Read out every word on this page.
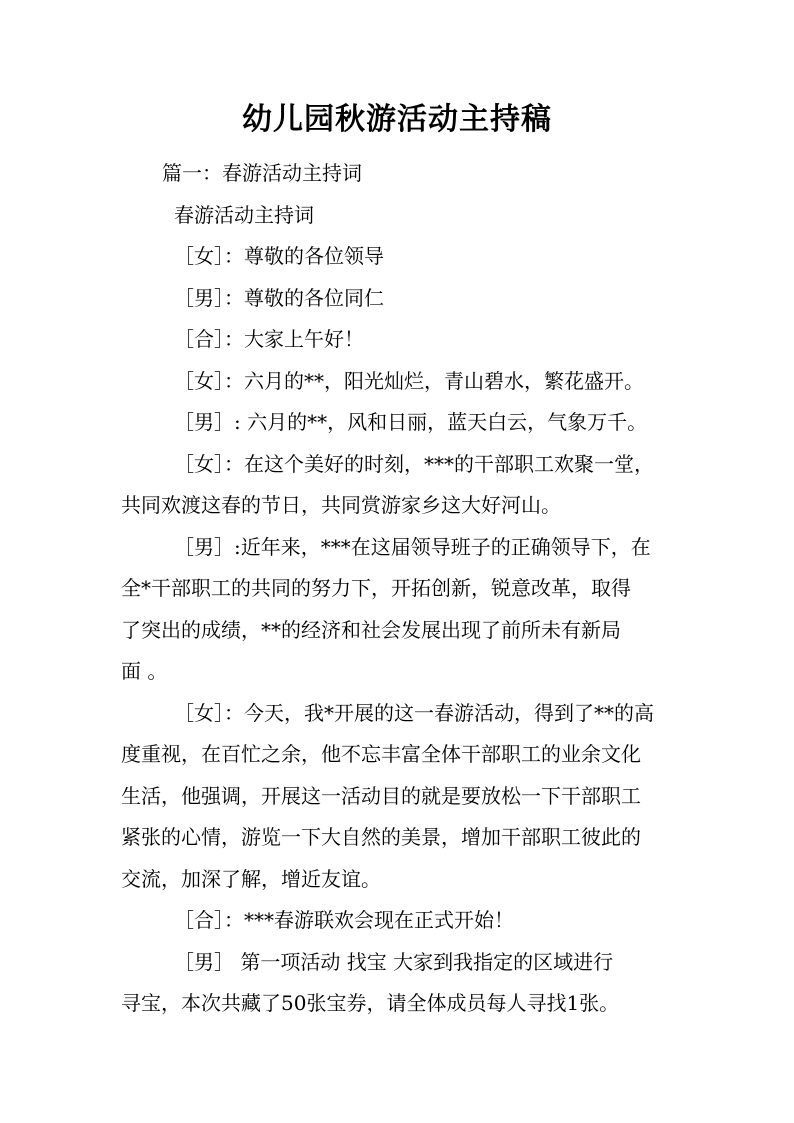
幼儿园秋游活动主持稿
篇一：春游活动主持词
春游活动主持词
［女］：尊敬的各位领导
［男］：尊敬的各位同仁
［合］：大家上午好！
［女］：六月的**，阳光灿烂，青山碧水，繁花盛开。
［男］: 六月的**，风和日丽，蓝天白云，气象万千。
［女］：在这个美好的时刻，***的干部职工欢聚一堂，
共同欢渡这春的节日，共同赏游家乡这大好河山。
［男］:近年来，***在这届领导班子的正确领导下，在
全*干部职工的共同的努力下，开拓创新，锐意改革，取得
了突出的成绩，**的经济和社会发展出现了前所未有新局
面 。
［女］：今天，我*开展的这一春游活动，得到了**的高
度重视，在百忙之余，他不忘丰富全体干部职工的业余文化
生活，他强调，开展这一活动目的就是要放松一下干部职工
紧张的心情，游览一下大自然的美景，增加干部职工彼此的
交流，加深了解，增近友谊。
［合］：***春游联欢会现在正式开始！
［男］ 第一项活动 找宝 大家到我指定的区域进行
寻宝，本次共藏了50张宝券，请全体成员每人寻找1张。
